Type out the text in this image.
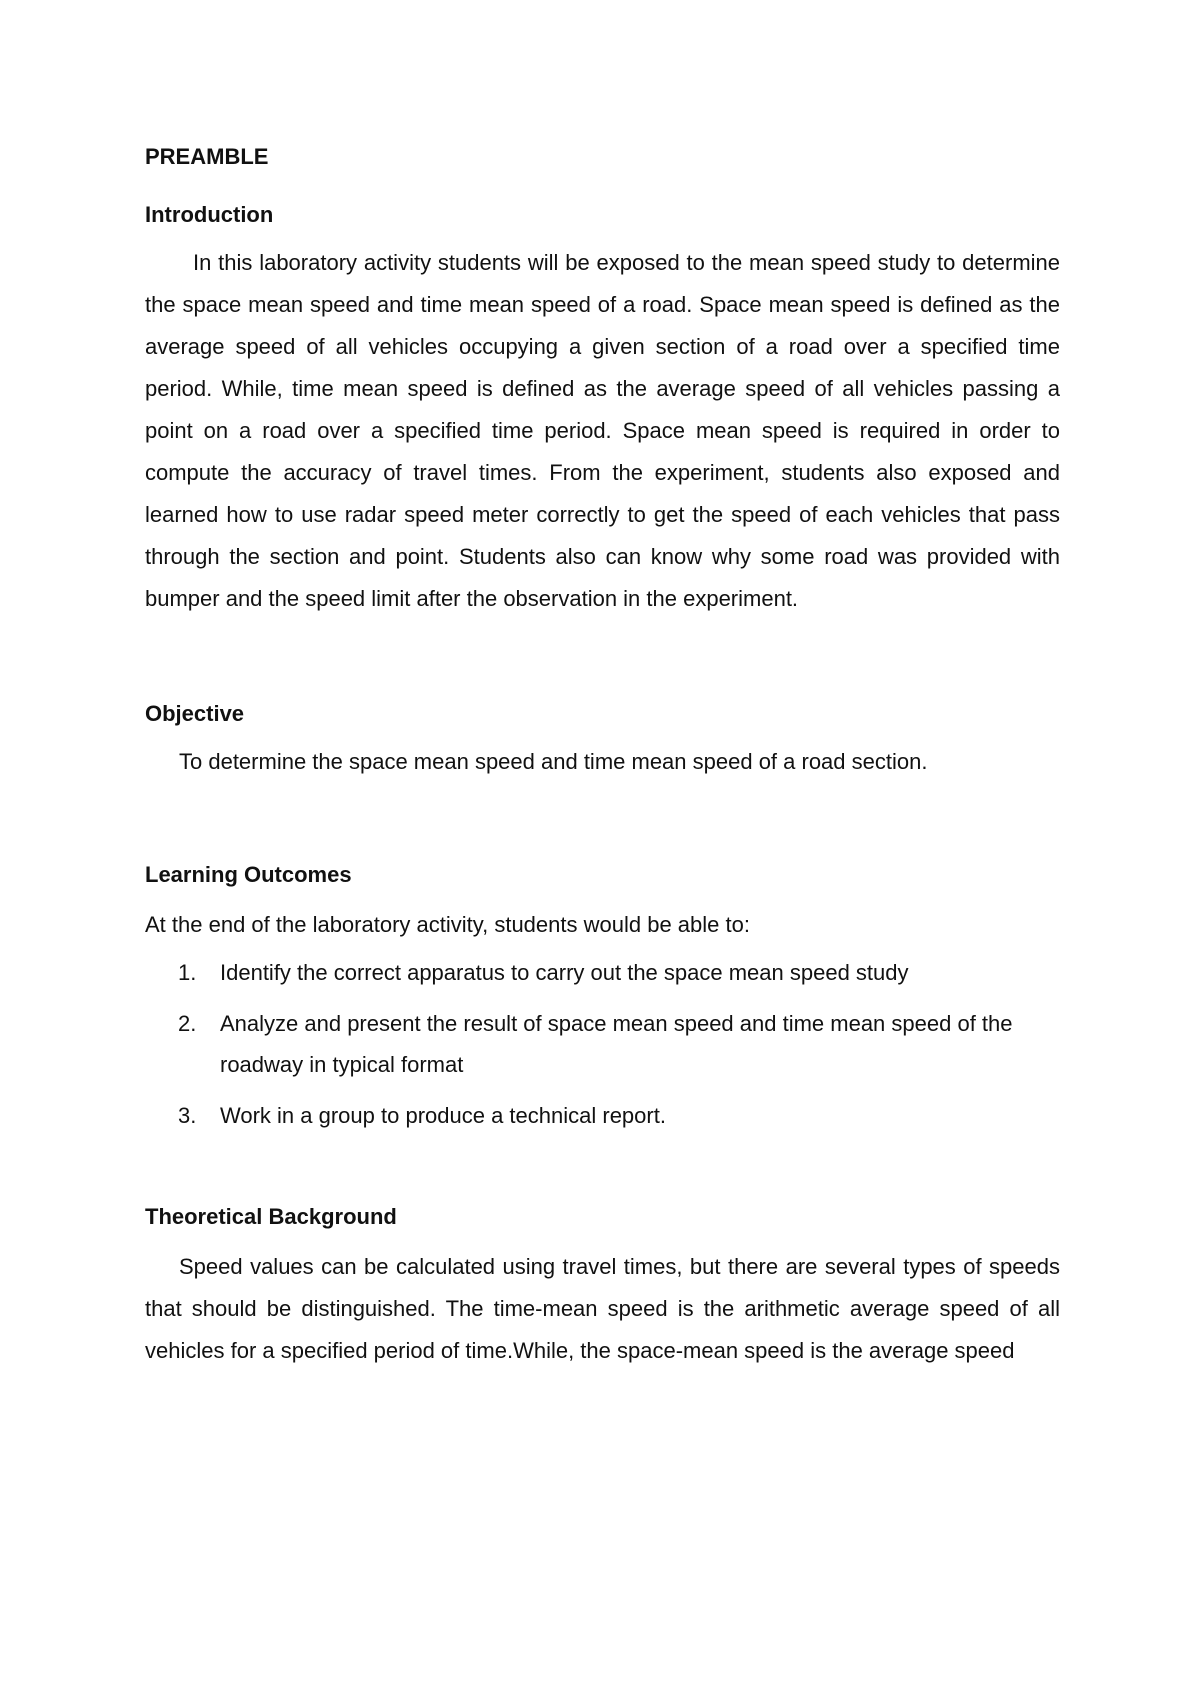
PREAMBLE
Introduction

In this laboratory activity students will be exposed to the mean speed study to determine the space mean speed and time mean speed of a road. Space mean speed is defined as the average speed of all vehicles occupying a given section of a road over a specified time period. While, time mean speed is defined as the average speed of all vehicles passing a point on a road over a specified time period. Space mean speed is required in order to compute the accuracy of travel times. From the experiment, students also exposed and learned how to use radar speed meter correctly to get the speed of each vehicles that pass through the section and point. Students also can know why some road was provided with bumper and the speed limit after the observation in the experiment.

Objective

To determine the space mean speed and time mean speed of a road section.

Learning Outcomes

At the end of the laboratory activity, students would be able to:

1.	Identify the correct apparatus to carry out the space mean speed study
2.	Analyze and present the result of space mean speed and time mean speed of the roadway in typical format
3.	Work in a group to produce a technical report.
Theoretical Background

Speed values can be calculated using travel times, but there are several types of speeds that should be distinguished. The time-mean speed is the arithmetic average speed of all vehicles for a specified period of time.While, the space-mean speed is the average speed
